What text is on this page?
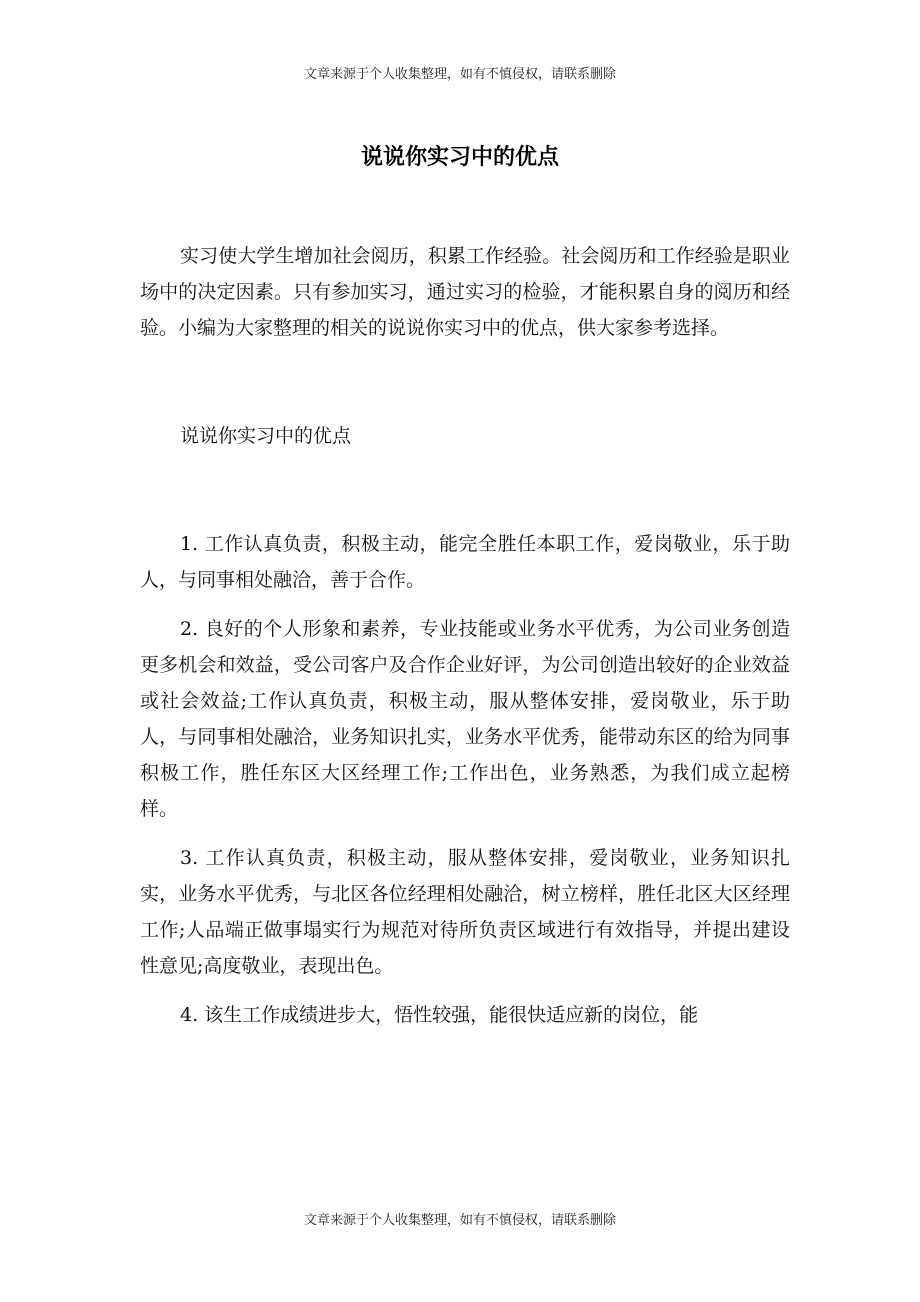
文章来源于个人收集整理，如有不慎侵权，请联系删除
说说你实习中的优点

实习使大学生增加社会阅历，积累工作经验。社会阅历和工作经验是职业场中的决定因素。只有参加实习，通过实习的检验，才能积累自身的阅历和经验。小编为大家整理的相关的说说你实习中的优点，供大家参考选择。

说说你实习中的优点

1. 工作认真负责，积极主动，能完全胜任本职工作，爱岗敬业，乐于助人，与同事相处融洽，善于合作。

2. 良好的个人形象和素养，专业技能或业务水平优秀，为公司业务创造更多机会和效益，受公司客户及合作企业好评，为公司创造出较好的企业效益或社会效益;工作认真负责，积极主动，服从整体安排，爱岗敬业，乐于助人，与同事相处融洽，业务知识扎实，业务水平优秀，能带动东区的给为同事积极工作，胜任东区大区经理工作;工作出色，业务熟悉，为我们成立起榜样。

3. 工作认真负责，积极主动，服从整体安排，爱岗敬业，业务知识扎实，业务水平优秀，与北区各位经理相处融洽，树立榜样，胜任北区大区经理工作;人品端正做事塌实行为规范对待所负责区域进行有效指导，并提出建设性意见;高度敬业，表现出色。

4. 该生工作成绩进步大，悟性较强，能很快适应新的岗位，能

文章来源于个人收集整理，如有不慎侵权，请联系删除
